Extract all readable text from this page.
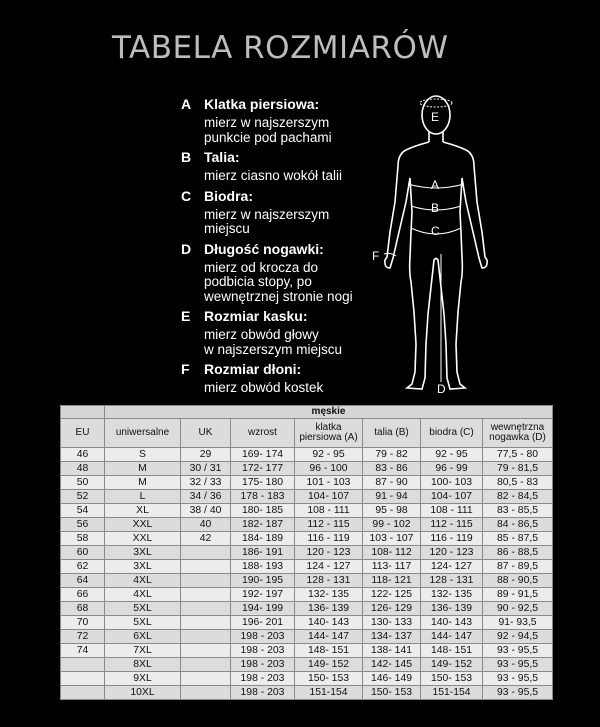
TABELA ROZMIARÓW
A Klatka piersiowa:
mierz w najszerszym
punkcie pod pachami
B Talia:
mierz ciasno wokół talii
C Biodra:
mierz w najszerszym
miejscu
D Długość nogawki:
mierz od krocza do
podbicia stopy, po
wewnętrznej stronie nogi
E Rozmiar kasku:
mierz obwód głowy
w najszerszym miejscu
F Rozmiar dłoni:
mierz obwód kostek
E
A
B
C
F
D
	męskie						
EU	uniwersalne	UK	wzrost	klatka piersiowa (A)	talia (B)	biodra (C)	wewnętrzna nogawka (D)
46	S	29	169- 174	92 - 95	79 - 82	92 - 95	77,5 - 80
48	M	30 / 31	172- 177	96 - 100	83 - 86	96 - 99	79 - 81,5
50	M	32 / 33	175- 180	101 - 103	87 - 90	100- 103	80,5 - 83
52	L	34 / 36	178 - 183	104- 107	91 - 94	104- 107	82 - 84,5
54	XL	38 / 40	180- 185	108 - 111	95 - 98	108 - 111	83 - 85,5
56	XXL	40	182- 187	112 - 115	99 - 102	112 - 115	84 - 86,5
58	XXL	42	184- 189	116 - 119	103 - 107	116 - 119	85 - 87,5
60	3XL		186- 191	120 - 123	108- 112	120 - 123	86 - 88,5
62	3XL		188- 193	124 - 127	113- 117	124- 127	87 - 89,5
64	4XL		190- 195	128 - 131	118- 121	128 - 131	88 - 90,5
66	4XL		192- 197	132- 135	122- 125	132- 135	89 - 91,5
68	5XL		194- 199	136- 139	126- 129	136- 139	90 - 92,5
70	5XL		196- 201	140- 143	130- 133	140- 143	91- 93,5
72	6XL		198 - 203	144- 147	134- 137	144- 147	92 - 94,5
74	7XL		198 - 203	148- 151	138- 141	148- 151	93 - 95,5
	8XL		198 - 203	149- 152	142- 145	149- 152	93 - 95,5
	9XL		198 - 203	150- 153	146- 149	150- 153	93 - 95,5
	10XL		198 - 203	151-154	150- 153	151-154	93 - 95,5
